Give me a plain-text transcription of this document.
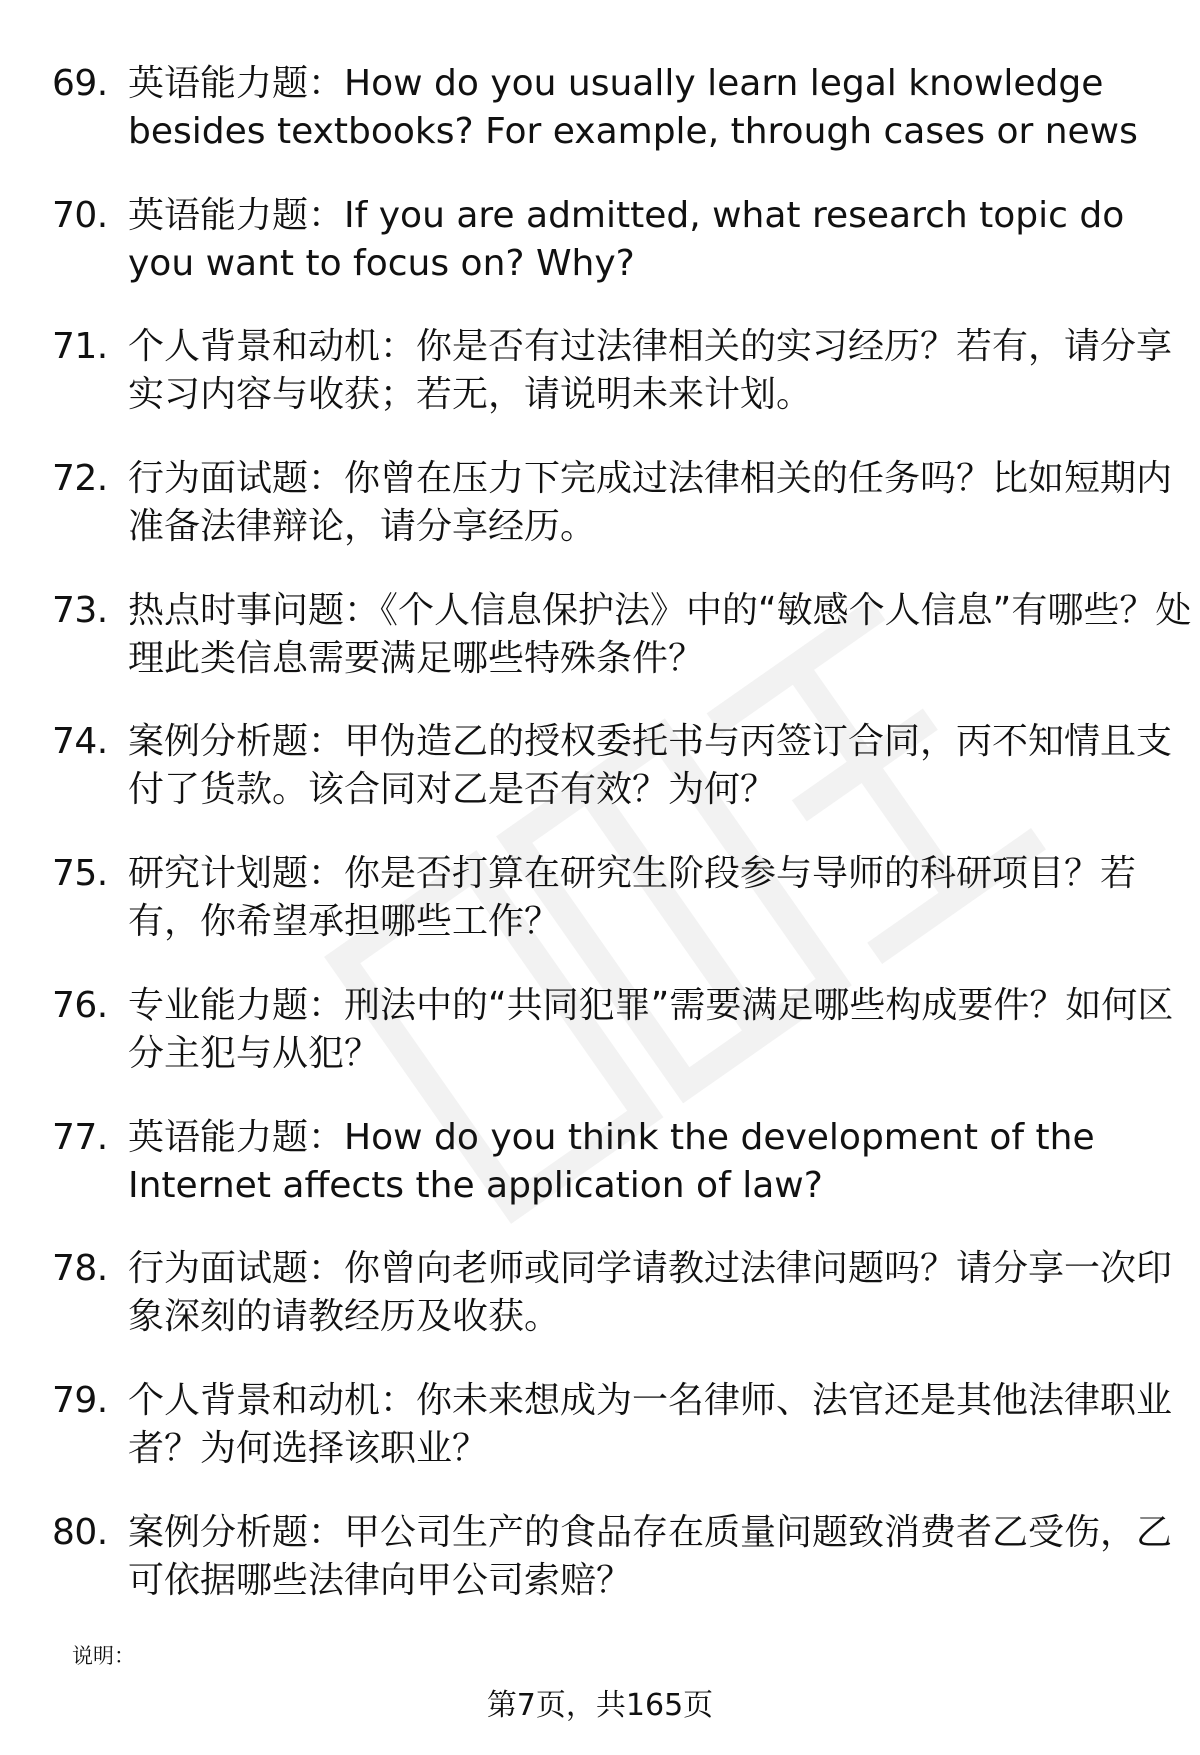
69. 英语能力题：How do you usually learn legal knowledge besides textbooks? For example, through cases or news
70. 英语能力题：If you are admitted, what research topic do you want to focus on? Why?
71. 个人背景和动机：你是否有过法律相关的实习经历？若有，请分享实习内容与收获；若无，请说明未来计划。
72. 行为面试题：你曾在压力下完成过法律相关的任务吗？比如短期内准备法律辩论，请分享经历。
73. 热点时事问题：《个人信息保护法》中的“敏感个人信息”有哪些？处理此类信息需要满足哪些特殊条件？
74. 案例分析题：甲伪造乙的授权委托书与丙签订合同，丙不知情且支付了货款。该合同对乙是否有效？为何？
75. 研究计划题：你是否打算在研究生阶段参与导师的科研项目？若有，你希望承担哪些工作？
76. 专业能力题：刑法中的“共同犯罪”需要满足哪些构成要件？如何区分主犯与从犯？
77. 英语能力题：How do you think the development of the Internet affects the application of law?
78. 行为面试题：你曾向老师或同学请教过法律问题吗？请分享一次印象深刻的请教经历及收获。
79. 个人背景和动机：你未来想成为一名律师、法官还是其他法律职业者？为何选择该职业？
80. 案例分析题：甲公司生产的食品存在质量问题致消费者乙受伤，乙可依据哪些法律向甲公司索赔？
说明：
第7页，共165页
